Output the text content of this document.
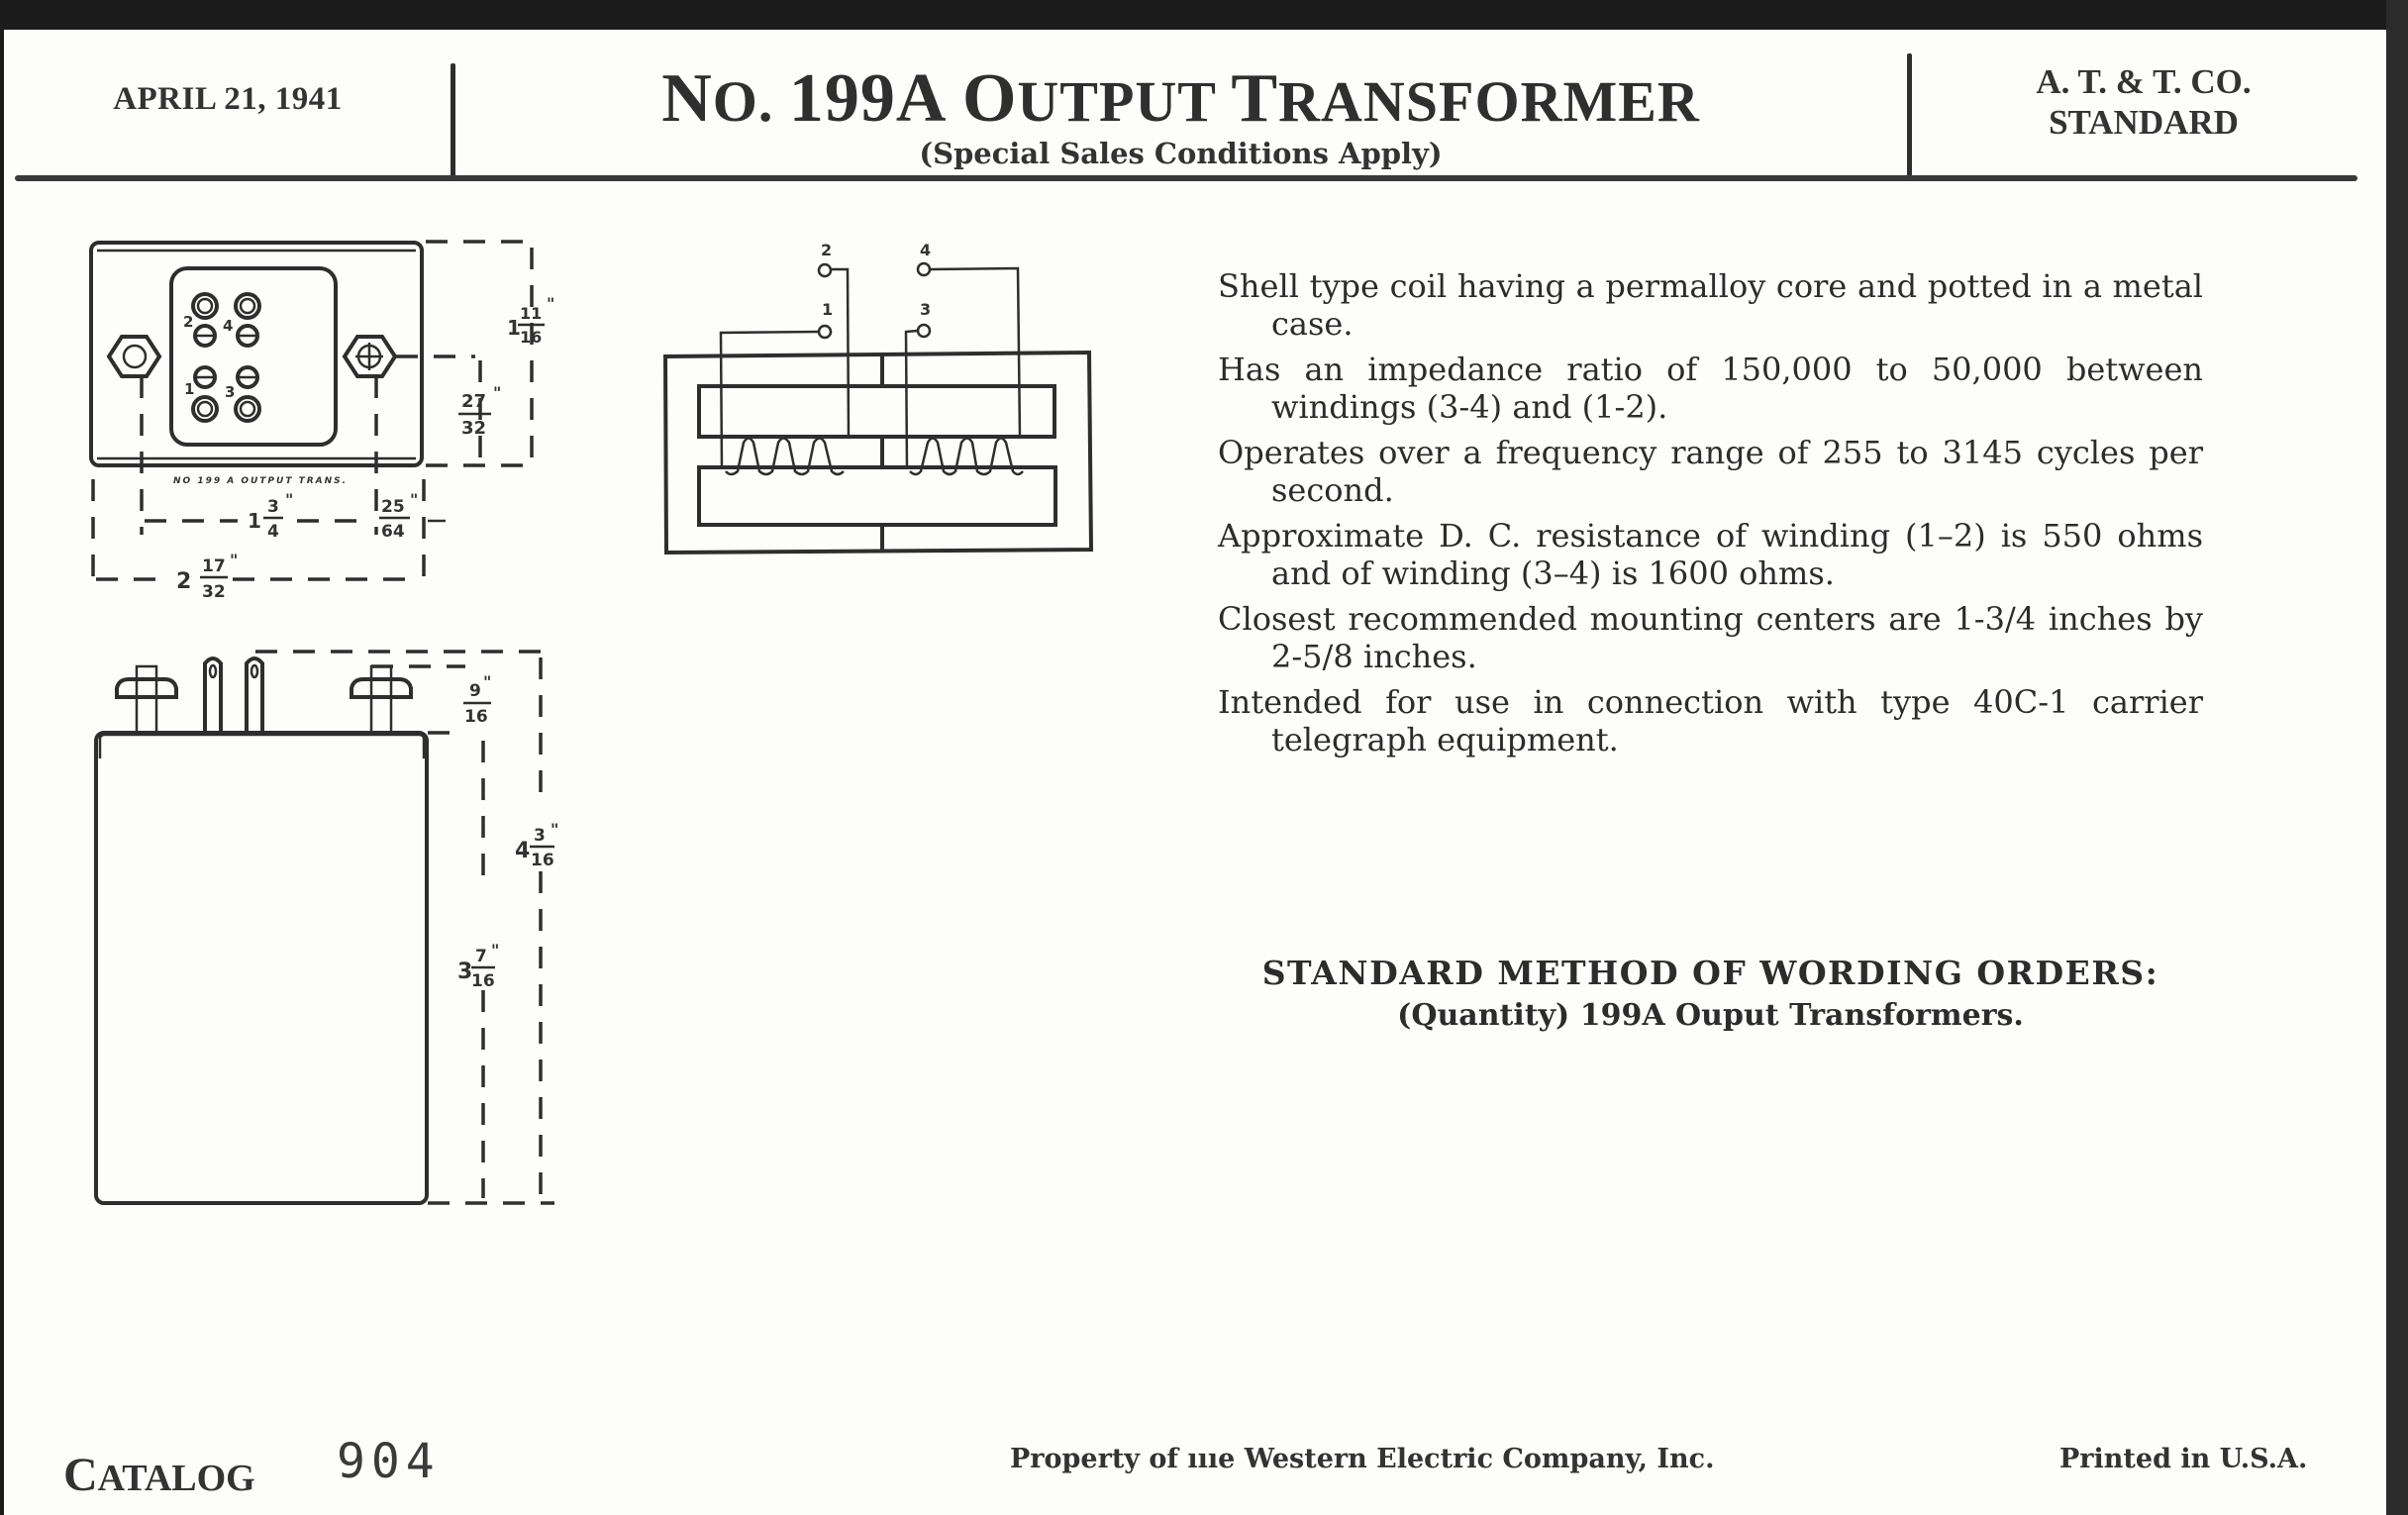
APRIL 21, 1941	NO. 199A OUTPUT TRANSFORMER
(Special Sales Conditions Apply)
A. T. & T. CO.
STANDARD
2 4
1 3
NO 199 A OUTPUT TRANS.
1
11
16
"
27
32
"
1
3
4
"	25
64
"
2
17
32
"
9
16
"
3
7
16
"
4
3
16
"
2	4
1	3

Shell type coil having a permalloy core and potted in a metal case.

Has an impedance ratio of 150,000 to 50,000 between windings (3-4) and (1-2).

Operates over a frequency range of 255 to 3145 cycles per second.

Approximate D. C. resistance of winding (1–2) is 550 ohms and of winding (3–4) is 1600 ohms.

Closest recommended mounting centers are 1-3/4 inches by 2-5/8 inches.

Intended for use in connection with type 40C-1 carrier telegraph equipment.

STANDARD METHOD OF WORDING ORDERS:
(Quantity) 199A Ouput Transformers.
CATALOG 904	Property of ıııe Western Electric Company, Inc.	Printed in U.S.A.
